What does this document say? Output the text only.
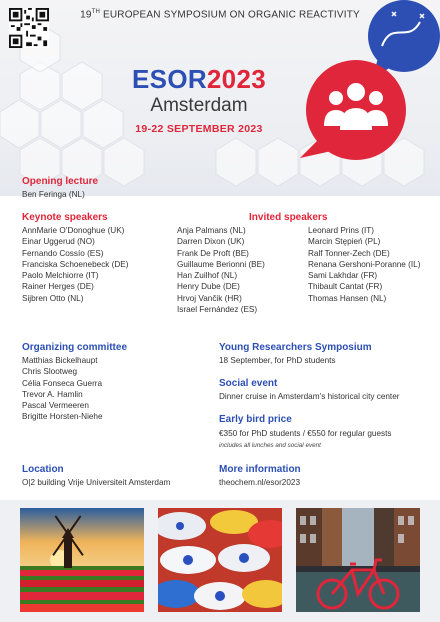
19TH EUROPEAN SYMPOSIUM ON ORGANIC REACTIVITY
ESOR2023
Amsterdam
19-22 SEPTEMBER 2023
Opening lecture
Ben Feringa (NL)
Keynote speakers
AnnMarie O’Donoghue (UK)
Einar Uggerud (NO)
Fernando Cossío (ES)
Franciska Schoenebeck (DE)
Paolo Melchiorre (IT)
Rainer Herges (DE)
Sijbren Otto (NL)
Invited speakers
Anja Palmans (NL)
Darren Dixon (UK)
Frank De Proft (BE)
Guillaume Berionni (BE)
Han Zuilhof (NL)
Henry Dube (DE)
Hrvoj Vančik (HR)
Israel Fernández (ES)
Leonard Prins (IT)
Marcin Stępień (PL)
Ralf Tonner-Zech (DE)
Renana Gershoni-Poranne (IL)
Sami Lakhdar (FR)
Thibault Cantat (FR)
Thomas Hansen (NL)
Organizing committee
Matthias Bickelhaupt
Chris Slootweg
Célia Fonseca Guerra
Trevor A. Hamlin
Pascal Vermeeren
Brigitte Horsten-Niehe
Young Researchers Symposium
18 September, for PhD students
Social event
Dinner cruise in Amsterdam’s historical city center
Early bird price
€350 for PhD students / €550 for regular guests
includes all lunches and social event
Location
O|2 building Vrije Universiteit Amsterdam
More information
theochem.nl/esor2023
